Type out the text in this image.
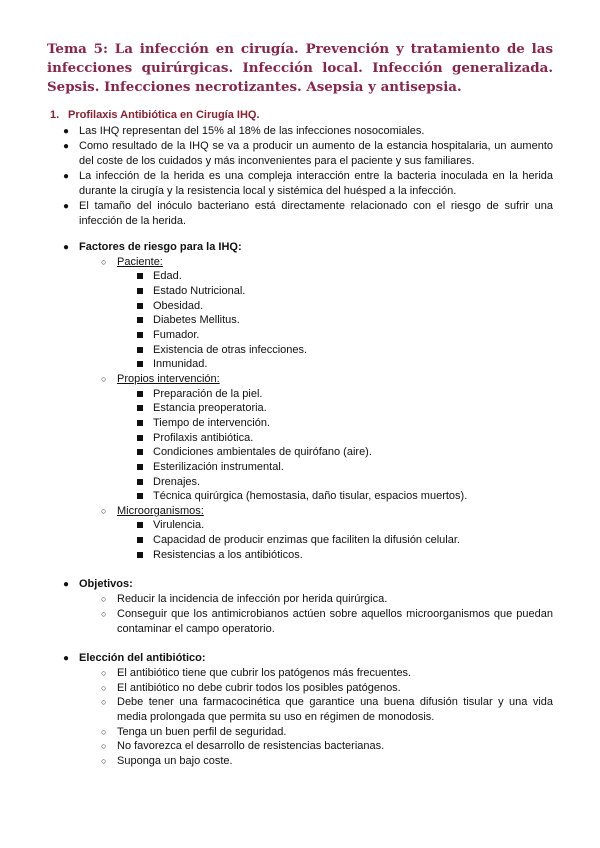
Tema 5: La infección en cirugía. Prevención y tratamiento de las infecciones quirúrgicas. Infección local. Infección generalizada. Sepsis. Infecciones necrotizantes. Asepsia y antisepsia.
1. Profilaxis Antibiótica en Cirugía IHQ.
● Las IHQ representan del 15% al 18% de las infecciones nosocomiales.
● Como resultado de la IHQ se va a producir un aumento de la estancia hospitalaria, un aumento
del coste de los cuidados y más inconvenientes para el paciente y sus familiares.
● La infección de la herida es una compleja interacción entre la bacteria inoculada en la herida
durante la cirugía y la resistencia local y sistémica del huésped a la infección.
● El tamaño del inóculo bacteriano está directamente relacionado con el riesgo de sufrir una
infección de la herida.
● Factores de riesgo para la IHQ:
○ Paciente:
Edad.
Estado Nutricional.
Obesidad.
Diabetes Mellitus.
Fumador.
Existencia de otras infecciones.
Inmunidad.
○ Propios intervención:
Preparación de la piel.
Estancia preoperatoria.
Tiempo de intervención.
Profilaxis antibiótica.
Condiciones ambientales de quirófano (aire).
Esterilización instrumental.
Drenajes.
Técnica quirúrgica (hemostasia, daño tisular, espacios muertos).
○ Microorganismos:
Virulencia.
Capacidad de producir enzimas que faciliten la difusión celular.
Resistencias a los antibióticos.
● Objetivos:
○ Reducir la incidencia de infección por herida quirúrgica.
○ Conseguir que los antimicrobianos actúen sobre aquellos microorganismos que puedan
contaminar el campo operatorio.
● Elección del antibiótico:
○ El antibiótico tiene que cubrir los patógenos más frecuentes.
○ El antibiótico no debe cubrir todos los posibles patógenos.
○ Debe tener una farmacocinética que garantice una buena difusión tisular y una vida
media prolongada que permita su uso en régimen de monodosis.
○ Tenga un buen perfil de seguridad.
○ No favorezca el desarrollo de resistencias bacterianas.
○ Suponga un bajo coste.
